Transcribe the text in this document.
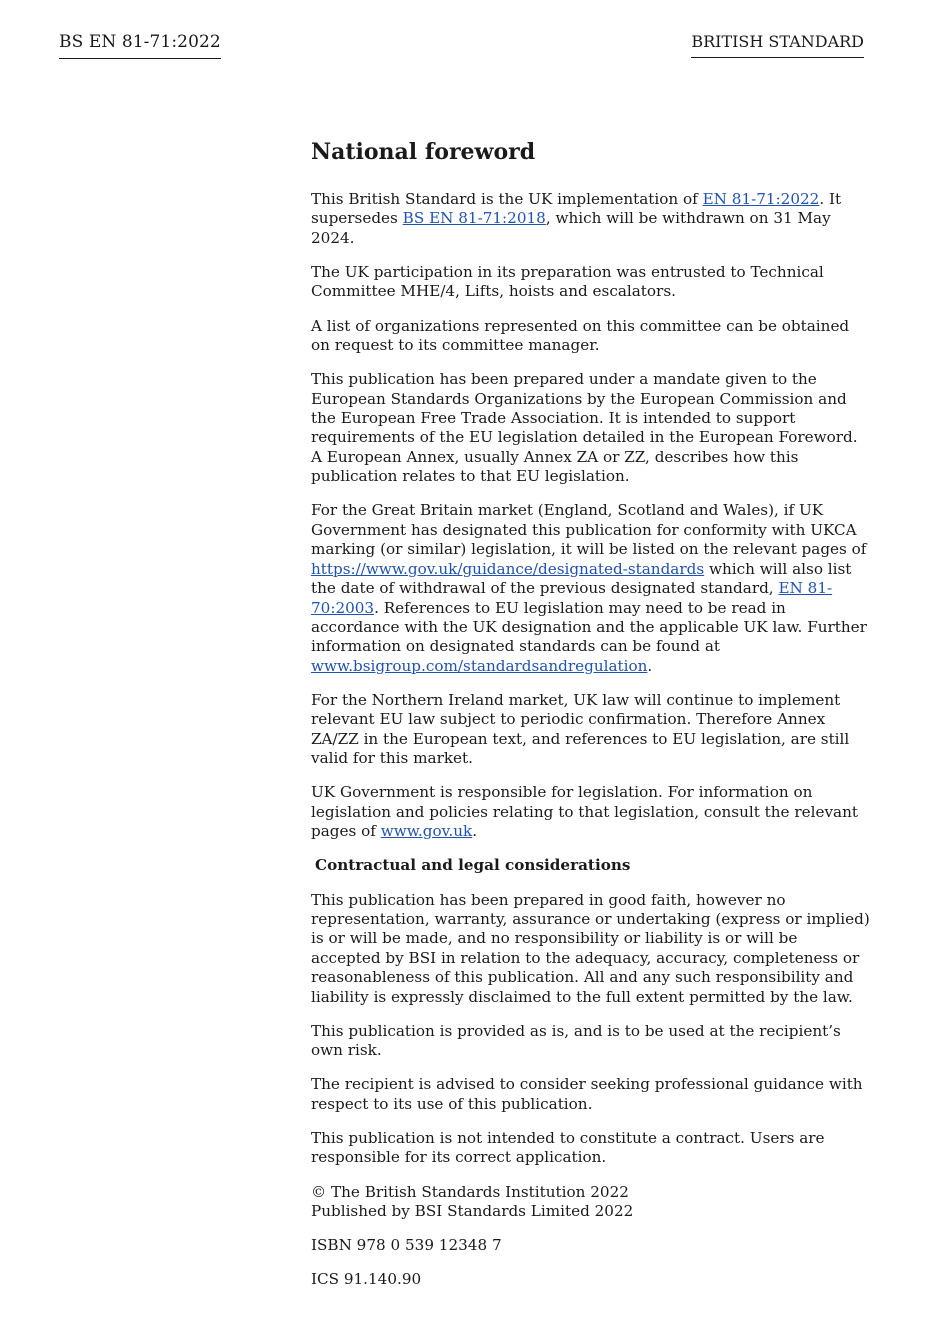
BS EN 81-71:2022	BRITISH STANDARD
National foreword

This British Standard is the UK implementation of EN 81-71:2022. It supersedes BS EN 81-71:2018, which will be withdrawn on 31 May 2024.

The UK participation in its preparation was entrusted to Technical Committee MHE/4, Lifts, hoists and escalators.

A list of organizations represented on this committee can be obtained on request to its committee manager.

This publication has been prepared under a mandate given to the European Standards Organizations by the European Commission and the European Free Trade Association. It is intended to support requirements of the EU legislation detailed in the European Foreword. A European Annex, usually Annex ZA or ZZ, describes how this publication relates to that EU legislation.

For the Great Britain market (England, Scotland and Wales), if UK Government has designated this publication for conformity with UKCA marking (or similar) legislation, it will be listed on the relevant pages of https://www.gov.uk/guidance/designated-standards which will also list the date of withdrawal of the previous designated standard, EN 81-70:2003. References to EU legislation may need to be read in accordance with the UK designation and the applicable UK law. Further information on designated standards can be found at www.bsigroup.com/standardsandregulation.

For the Northern Ireland market, UK law will continue to implement relevant EU law subject to periodic confirmation. Therefore Annex ZA/ZZ in the European text, and references to EU legislation, are still valid for this market.

UK Government is responsible for legislation. For information on legislation and policies relating to that legislation, consult the relevant pages of www.gov.uk.

Contractual and legal considerations

This publication has been prepared in good faith, however no representation, warranty, assurance or undertaking (express or implied) is or will be made, and no responsibility or liability is or will be accepted by BSI in relation to the adequacy, accuracy, completeness or reasonableness of this publication. All and any such responsibility and liability is expressly disclaimed to the full extent permitted by the law.

This publication is provided as is, and is to be used at the recipient’s own risk.

The recipient is advised to consider seeking professional guidance with respect to its use of this publication.

This publication is not intended to constitute a contract. Users are responsible for its correct application.

© The British Standards Institution 2022
Published by BSI Standards Limited 2022

ISBN 978 0 539 12348 7

ICS 91.140.90
